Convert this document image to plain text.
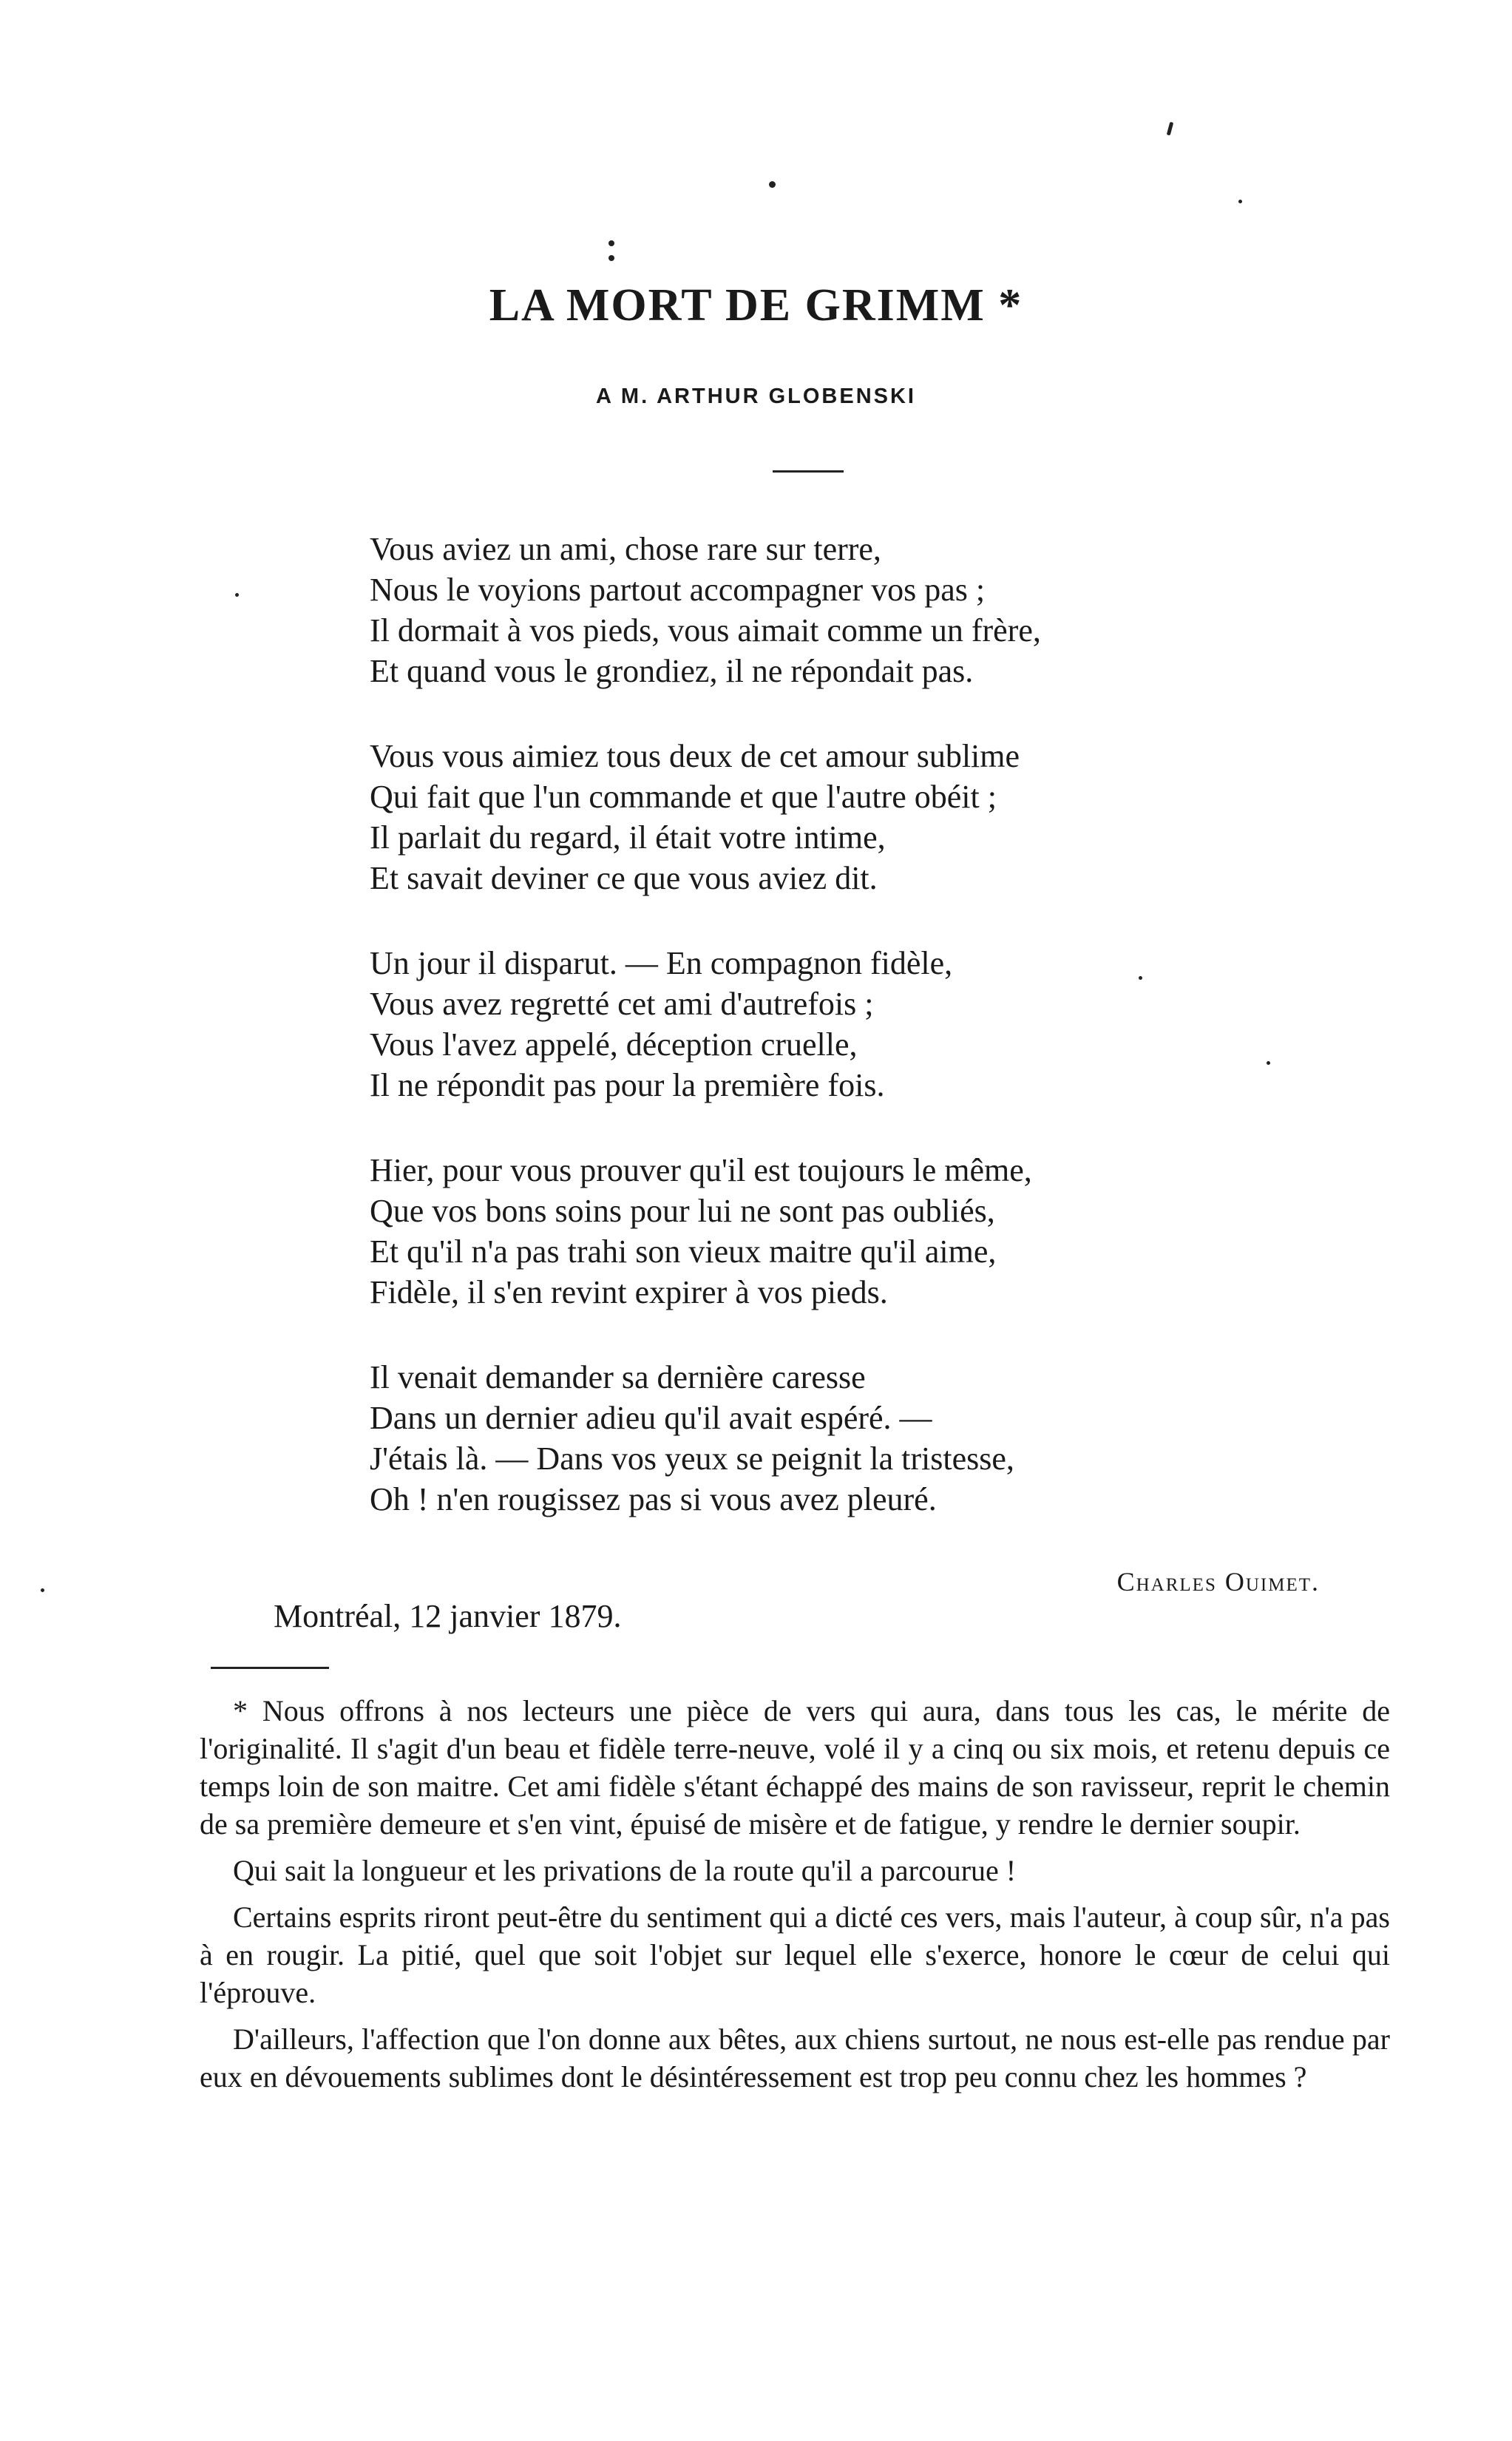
LA MORT DE GRIMM *
A M. ARTHUR GLOBENSKI
Vous aviez un ami, chose rare sur terre,
Nous le voyions partout accompagner vos pas ;
Il dormait à vos pieds, vous aimait comme un frère,
Et quand vous le grondiez, il ne répondait pas.
Vous vous aimiez tous deux de cet amour sublime
Qui fait que l'un commande et que l'autre obéit ;
Il parlait du regard, il était votre intime,
Et savait deviner ce que vous aviez dit.
Un jour il disparut. — En compagnon fidèle,
Vous avez regretté cet ami d'autrefois ;
Vous l'avez appelé, déception cruelle,
Il ne répondit pas pour la première fois.
Hier, pour vous prouver qu'il est toujours le même,
Que vos bons soins pour lui ne sont pas oubliés,
Et qu'il n'a pas trahi son vieux maitre qu'il aime,
Fidèle, il s'en revint expirer à vos pieds.
Il venait demander sa dernière caresse
Dans un dernier adieu qu'il avait espéré. —
J'étais là. — Dans vos yeux se peignit la tristesse,
Oh ! n'en rougissez pas si vous avez pleuré.
Charles Ouimet.
Montréal, 12 janvier 1879.

* Nous offrons à nos lecteurs une pièce de vers qui aura, dans tous les cas, le mérite de l'originalité. Il s'agit d'un beau et fidèle terre-neuve, volé il y a cinq ou six mois, et retenu depuis ce temps loin de son maitre. Cet ami fidèle s'étant échappé des mains de son ravisseur, reprit le chemin de sa première demeure et s'en vint, épuisé de misère et de fatigue, y rendre le dernier soupir.

Qui sait la longueur et les privations de la route qu'il a parcourue !

Certains esprits riront peut-être du sentiment qui a dicté ces vers, mais l'auteur, à coup sûr, n'a pas à en rougir. La pitié, quel que soit l'objet sur lequel elle s'exerce, honore le cœur de celui qui l'éprouve.

D'ailleurs, l'affection que l'on donne aux bêtes, aux chiens surtout, ne nous est-elle pas rendue par eux en dévouements sublimes dont le désintéressement est trop peu connu chez les hommes ?
